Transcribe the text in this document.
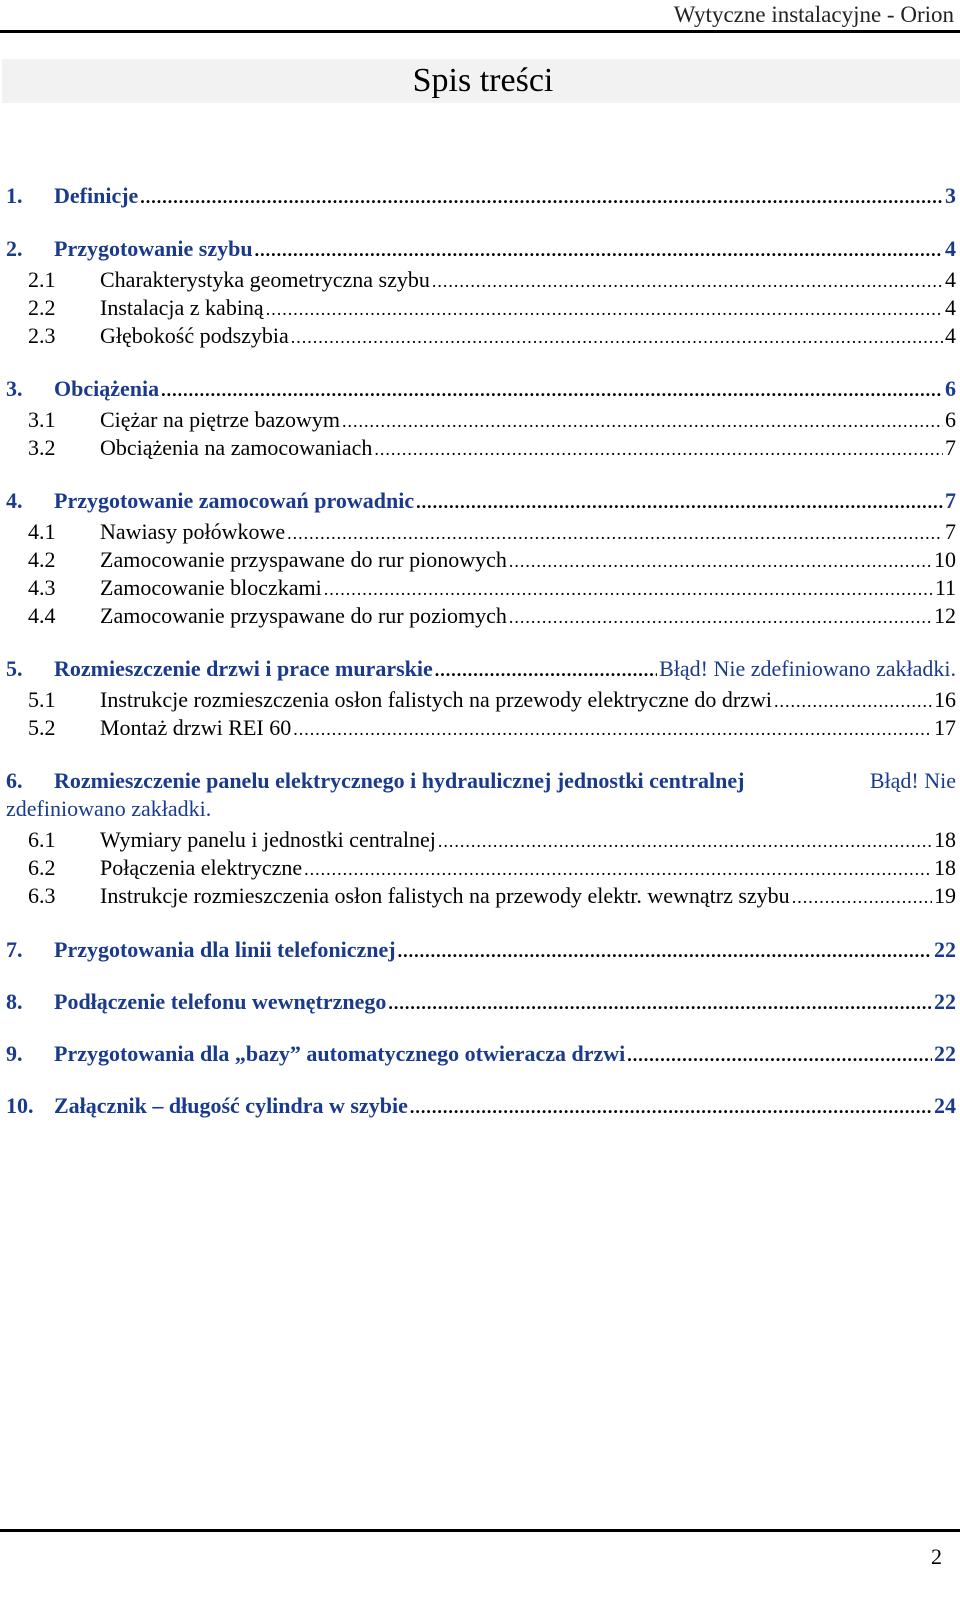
Wytyczne instalacyjne - Orion
Spis treści
1. Definicje .....	3
2. Przygotowanie szybu .....	4
2.1 Charakterystyka geometryczna szybu .....	4
2.2 Instalacja z kabiną .....	4
2.3 Głębokość podszybia .....	4
3. Obciążenia .....	6
3.1 Ciężar na piętrze bazowym .....	6
3.2 Obciążenia na zamocowaniach .....	7
4. Przygotowanie zamocowań prowadnic .....	7
4.1 Nawiasy połówkowe .....	7
4.2 Zamocowanie przyspawane do rur pionowych .....	10
4.3 Zamocowanie bloczkami .....	11
4.4 Zamocowanie przyspawane do rur poziomych .....	12
5. Rozmieszczenie drzwi i prace murarskie .....	Błąd! Nie zdefiniowano zakładki.
5.1 Instrukcje rozmieszczenia osłon falistych na przewody elektryczne do drzwi .....	16
5.2 Montaż drzwi REI 60 .....	17
6. Rozmieszczenie panelu elektrycznego i hydraulicznej jednostki centralnej	Błąd! Nie
zdefiniowano zakładki.
6.1 Wymiary panelu i jednostki centralnej .....	18
6.2 Połączenia elektryczne .....	18
6.3 Instrukcje rozmieszczenia osłon falistych na przewody elektr. wewnątrz szybu .....	19
7. Przygotowania dla linii telefonicznej .....	22
8. Podłączenie telefonu wewnętrznego .....	22
9. Przygotowania dla „bazy” automatycznego otwieracza drzwi .....	22
10. Załącznik – długość cylindra w szybie .....	24
2
